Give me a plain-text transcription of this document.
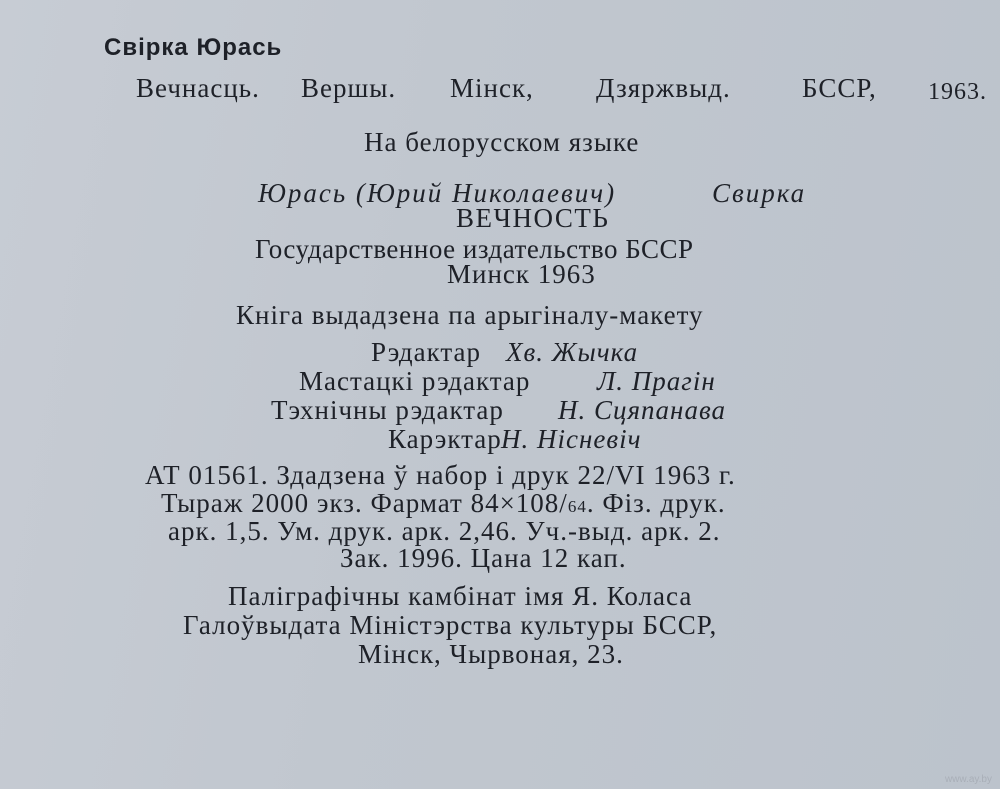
Свірка Юрась
Вечнасць. Вершы. Мінск, Дзяржвыд.	БССР, 1963.
На белорусском языке
Юрась (Юрий Николаевич)	Свирка
ВЕЧНОСТЬ
Государственное издательство БССР
Минск 1963
Кніга выдадзена па арыгіналу-макету
Рэдактар Хв. Жычка
Мастацкі рэдактар Л. Прагін
Тэхнічны рэдактар Н. Сцяпанава
Карэктар Н. Нісневіч
АТ 01561. Здадзена ў набор і друк 22/VI 1963 г.
Тыраж 2000 экз. Фармат 84×108/64. Фіз. друк.
арк. 1,5. Ум. друк. арк. 2,46. Уч.-выд. арк. 2.
Зак. 1996. Цана 12 кап.
Паліграфічны камбінат імя Я. Коласа
Галоўвыдата Міністэрства культуры БССР,
Мінск, Чырвоная, 23.
www.ay.by
